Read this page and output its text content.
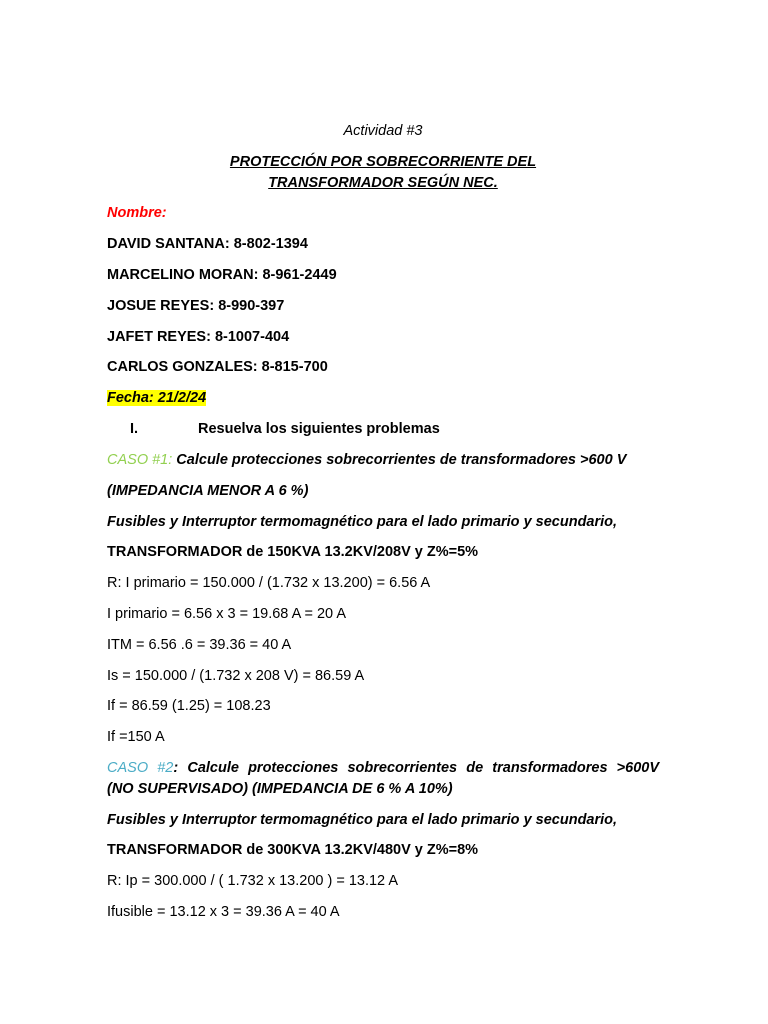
Actividad #3
PROTECCIÓN POR SOBRECORRIENTE DEL
TRANSFORMADOR SEGÚN NEC.
Nombre:
DAVID SANTANA: 8-802-1394
MARCELINO MORAN: 8-961-2449
JOSUE REYES: 8-990-397
JAFET REYES: 8-1007-404
CARLOS GONZALES: 8-815-700
Fecha: 21/2/24
I.	Resuelva los siguientes problemas
CASO #1: Calcule protecciones sobrecorrientes de transformadores >600 V
(IMPEDANCIA MENOR A 6 %)
Fusibles y Interruptor termomagnético para el lado primario y secundario,
TRANSFORMADOR de 150KVA 13.2KV/208V y Z%=5%
R: I primario = 150.000 / (1.732 x 13.200) = 6.56 A
I primario = 6.56 x 3 = 19.68 A = 20 A
ITM = 6.56 .6 = 39.36 = 40 A
Is = 150.000 / (1.732 x 208 V) = 86.59 A
If = 86.59 (1.25) = 108.23
If =150 A
CASO #2: Calcule protecciones sobrecorrientes de transformadores >600V
(NO SUPERVISADO) (IMPEDANCIA DE 6 % A 10%)
Fusibles y Interruptor termomagnético para el lado primario y secundario,
TRANSFORMADOR de 300KVA 13.2KV/480V y Z%=8%
R: Ip = 300.000 / ( 1.732 x 13.200 ) = 13.12 A
Ifusible = 13.12 x 3 = 39.36 A = 40 A
